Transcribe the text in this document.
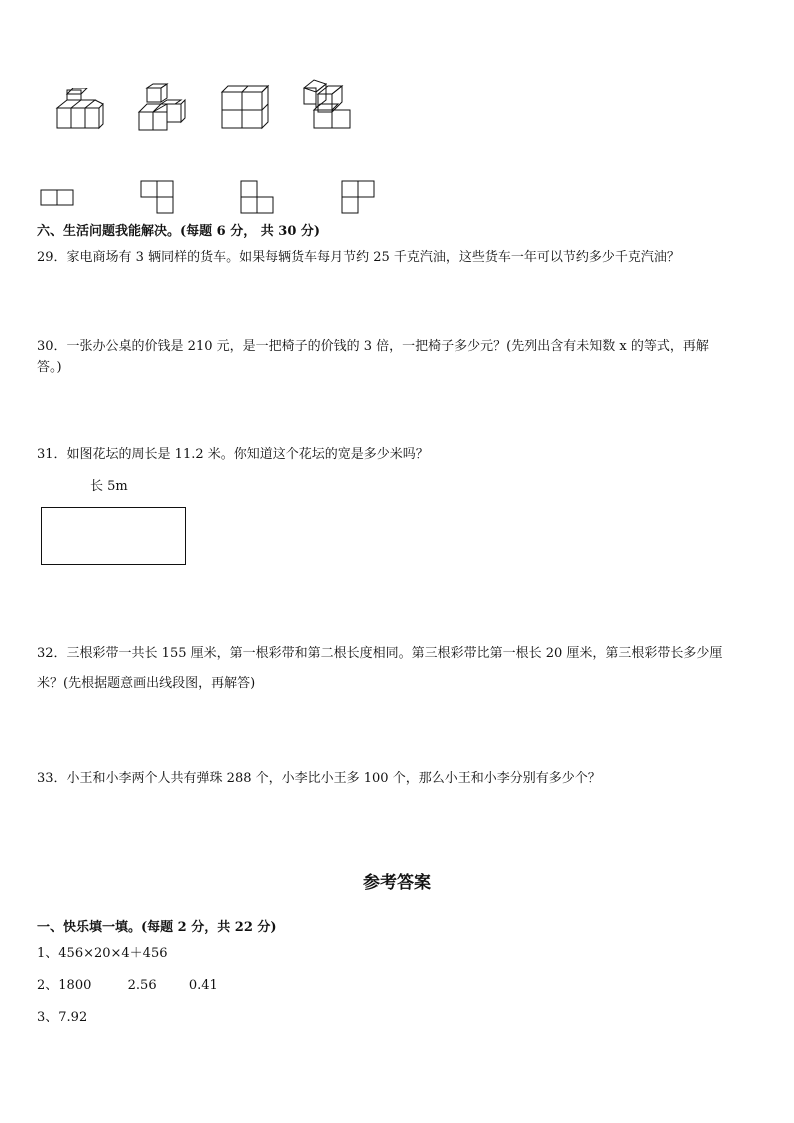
六、生活问题我能解决。(每题 6 分， 共 30 分)
29．家电商场有 3 辆同样的货车。如果每辆货车每月节约 25 千克汽油，这些货车一年可以节约多少千克汽油？
30．一张办公桌的价钱是 210 元，是一把椅子的价钱的 3 倍，一把椅子多少元？(先列出含有未知数 x 的等式，再解
答。)
31．如图花坛的周长是 11.2 米。你知道这个花坛的宽是多少米吗？
长 5m
32．三根彩带一共长 155 厘米，第一根彩带和第二根长度相同。第三根彩带比第一根长 20 厘米，第三根彩带长多少厘
米？(先根据题意画出线段图，再解答)
33．小王和小李两个人共有弹珠 288 个，小李比小王多 100 个，那么小王和小李分别有多少个？
参考答案
一、快乐填一填。(每题 2 分，共 22 分)
1、456×20×4＋456
2、1800	2.56 0.41
3、7.92
